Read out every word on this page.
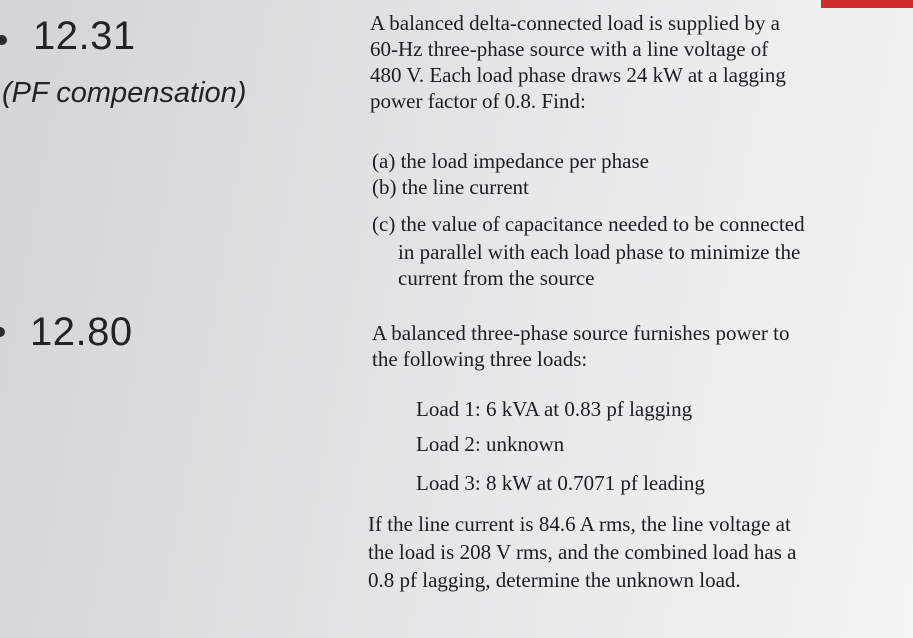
12.31
(PF compensation)
A balanced delta-connected load is supplied by a
60-Hz three-phase source with a line voltage of
480 V. Each load phase draws 24 kW at a lagging
power factor of 0.8. Find:
(a) the load impedance per phase
(b) the line current
(c) the value of capacitance needed to be connected
in parallel with each load phase to minimize the
current from the source
12.80	A balanced three-phase source furnishes power to
the following three loads:
Load 1: 6 kVA at 0.83 pf lagging
Load 2: unknown
Load 3: 8 kW at 0.7071 pf leading
If the line current is 84.6 A rms, the line voltage at
the load is 208 V rms, and the combined load has a
0.8 pf lagging, determine the unknown load.
